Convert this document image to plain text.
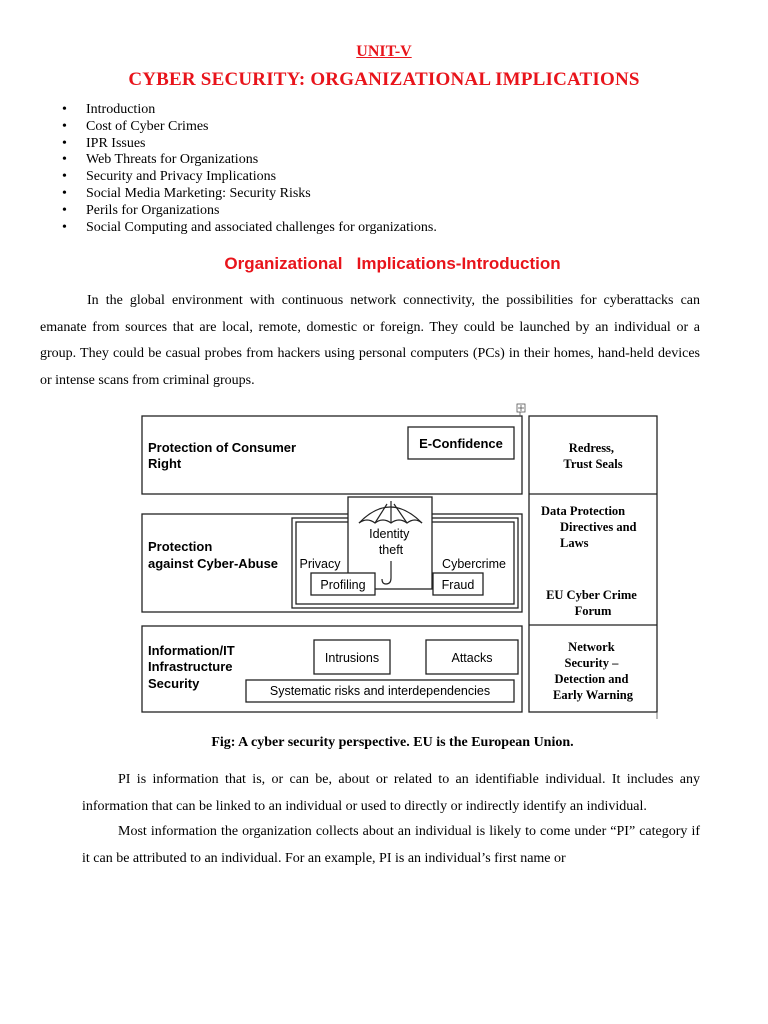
UNIT-V
CYBER SECURITY: ORGANIZATIONAL IMPLICATIONS
• Introduction
• Cost of Cyber Crimes
• IPR Issues
• Web Threats for Organizations
• Security and Privacy Implications
• Social Media Marketing: Security Risks
• Perils for Organizations
• Social Computing and associated challenges for organizations.
Organizational   Implications-Introduction

In the global environment with continuous network connectivity, the possibilities for cyberattacks can emanate from sources that are local, remote, domestic or foreign. They could be launched by an individual or a group. They could be casual probes from hackers using personal computers (PCs) in their homes, hand-held devices or intense scans from criminal groups.

Protection of Consumer Right
E-Confidence
Protection against Cyber-Abuse Privacy
Identity theft
Cybercrime
Profiling	Fraud
Information/IT Infrastructure Security
Intrusions	Attacks
Systematic risks and interdependencies
Redress, Trust Seals
Data Protection Directives and Laws
EU Cyber Crime Forum
Network Security – Detection and Early Warning
Fig: A cyber security perspective. EU is the European Union.

PI is information that is, or can be, about or related to an identifiable individual. It includes any information that can be linked to an individual or used to directly or indirectly identify an individual.

Most information the organization collects about an individual is likely to come under “PI” category if it can be attributed to an individual. For an example, PI is an individual’s first name or
